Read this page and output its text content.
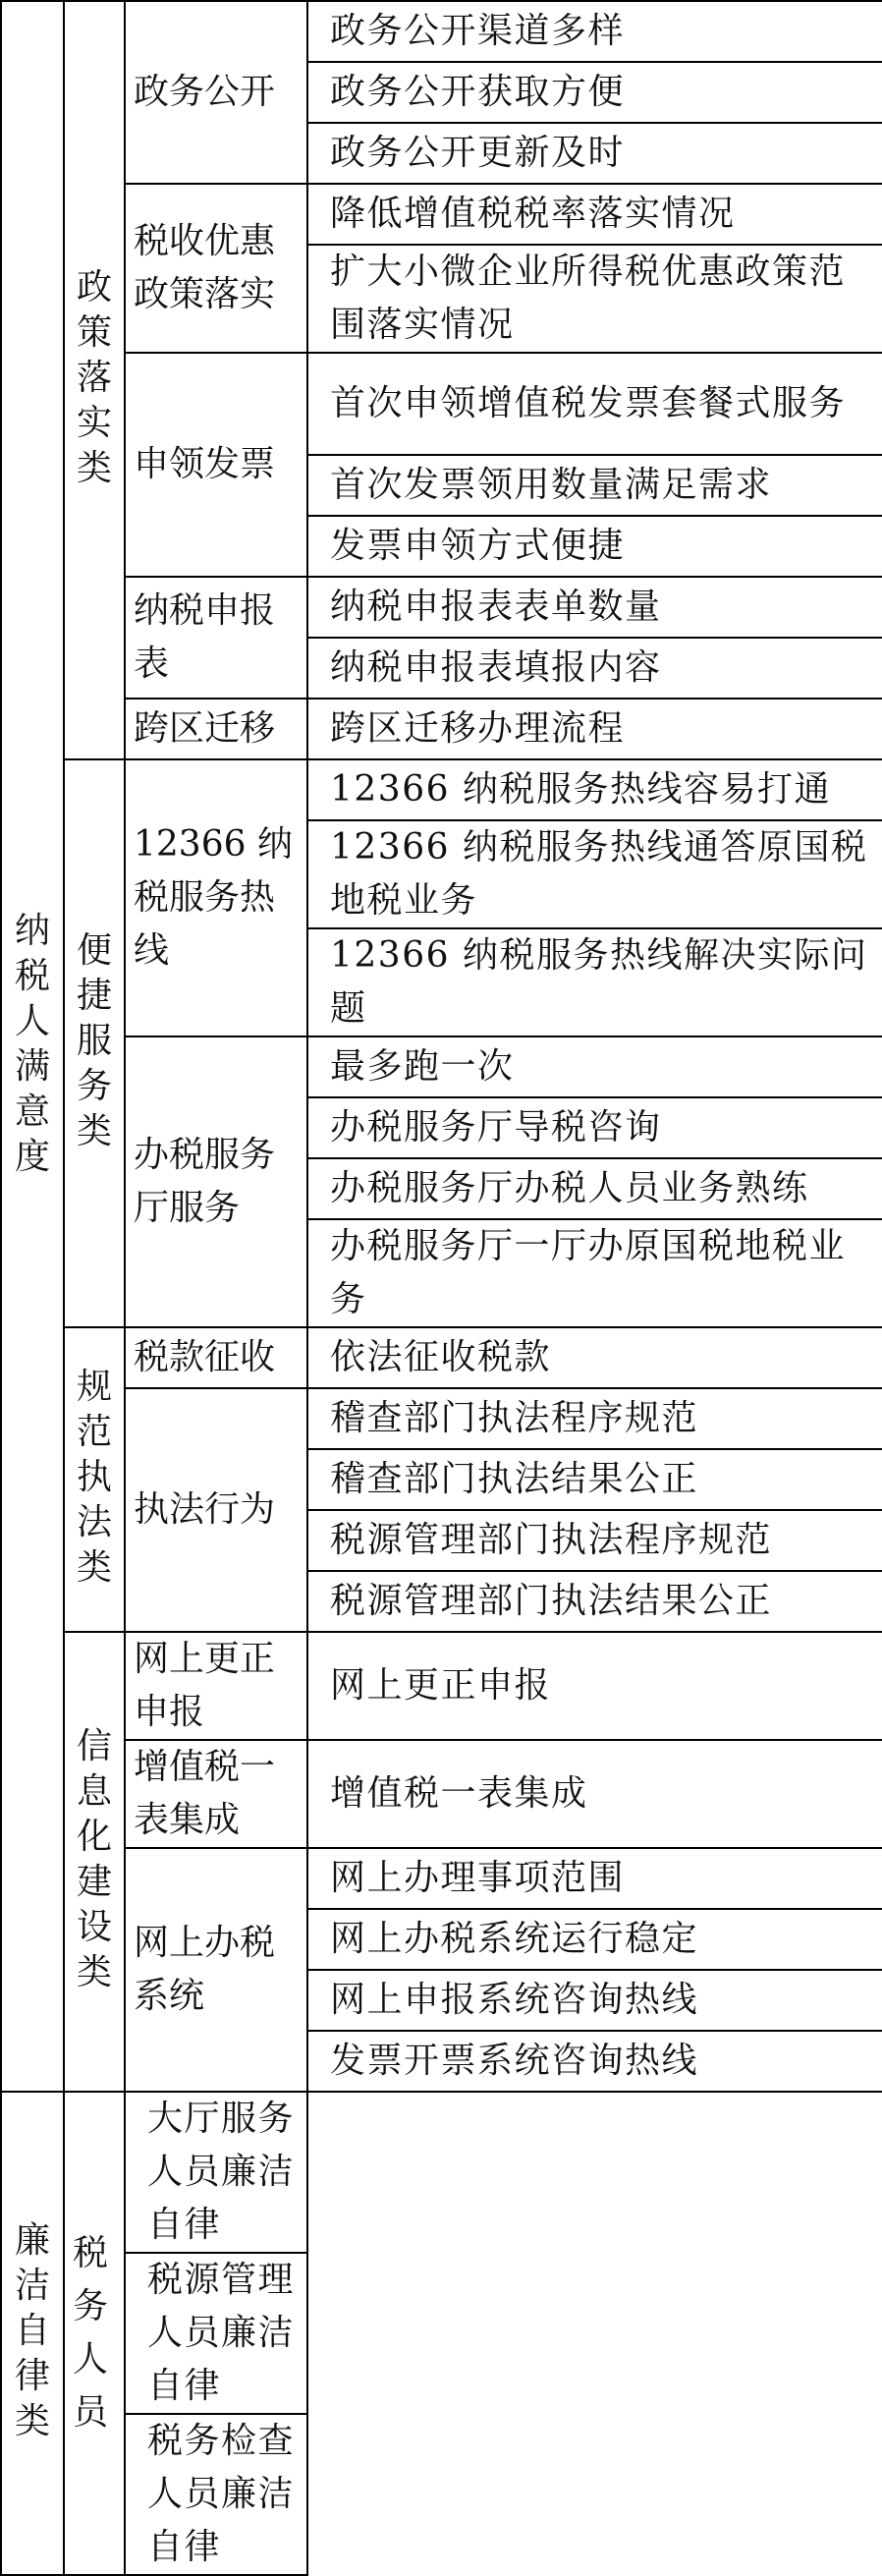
纳税人满意度	政策落实类	政务公开	政务公开渠道多样
			政务公开获取方便
			政务公开更新及时
		税收优惠政策落实	降低增值税税率落实情况
			扩大小微企业所得税优惠政策范围落实情况
		申领发票	首次申领增值税发票套餐式服务
			首次发票领用数量满足需求
			发票申领方式便捷
		纳税申报表	纳税申报表表单数量
			纳税申报表填报内容
		跨区迁移	跨区迁移办理流程
	便捷服务类	12366 纳税服务热线	12366 纳税服务热线容易打通
			12366 纳税服务热线通答原国税地税业务
			12366 纳税服务热线解决实际问题
		办税服务厅服务	最多跑一次
			办税服务厅导税咨询
			办税服务厅办税人员业务熟练
			办税服务厅一厅办原国税地税业务
	规范执法类	税款征收	依法征收税款
		执法行为	稽查部门执法程序规范
			稽查部门执法结果公正
			税源管理部门执法程序规范
			税源管理部门执法结果公正
	信息化建设类	网上更正申报	网上更正申报
		增值税一表集成	增值税一表集成
		网上办税系统	网上办理事项范围
			网上办税系统运行稳定
			网上申报系统咨询热线
			发票开票系统咨询热线
廉洁自律类	税务人员	大厅服务人员廉洁自律	
		税源管理人员廉洁自律	
		税务检查人员廉洁自律	
